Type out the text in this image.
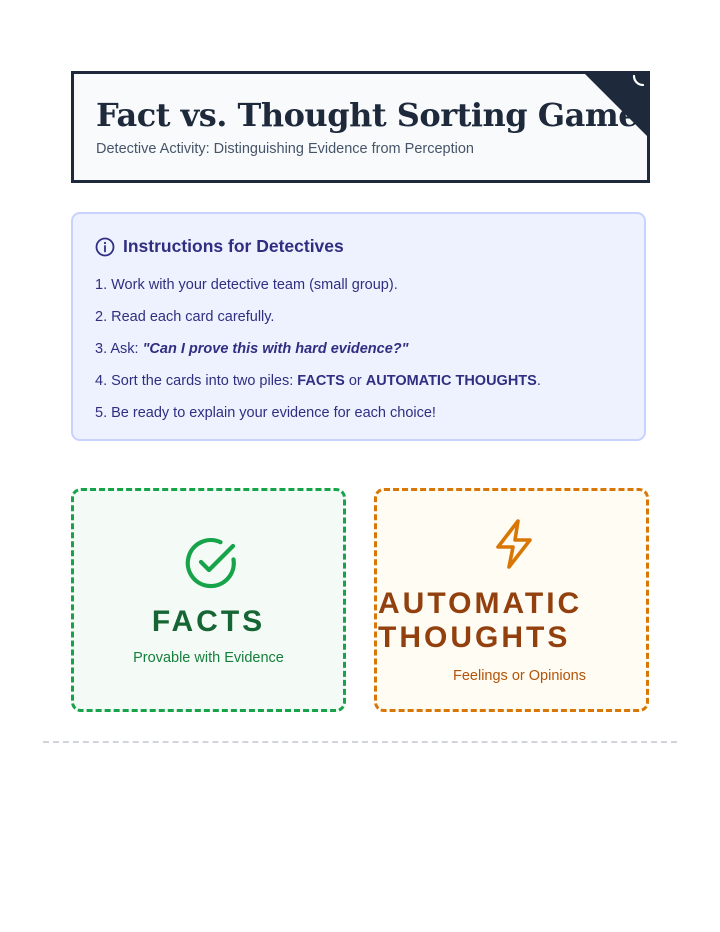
Fact vs. Thought Sorting Game
Detective Activity: Distinguishing Evidence from Perception
Instructions for Detectives
1. Work with your detective team (small group).
2. Read each card carefully.
3. Ask: "Can I prove this with hard evidence?"
4. Sort the cards into two piles: FACTS or AUTOMATIC THOUGHTS.
5. Be ready to explain your evidence for each choice!
FACTS
Provable with Evidence
AUTOMATIC
THOUGHTS
Feelings or Opinions
